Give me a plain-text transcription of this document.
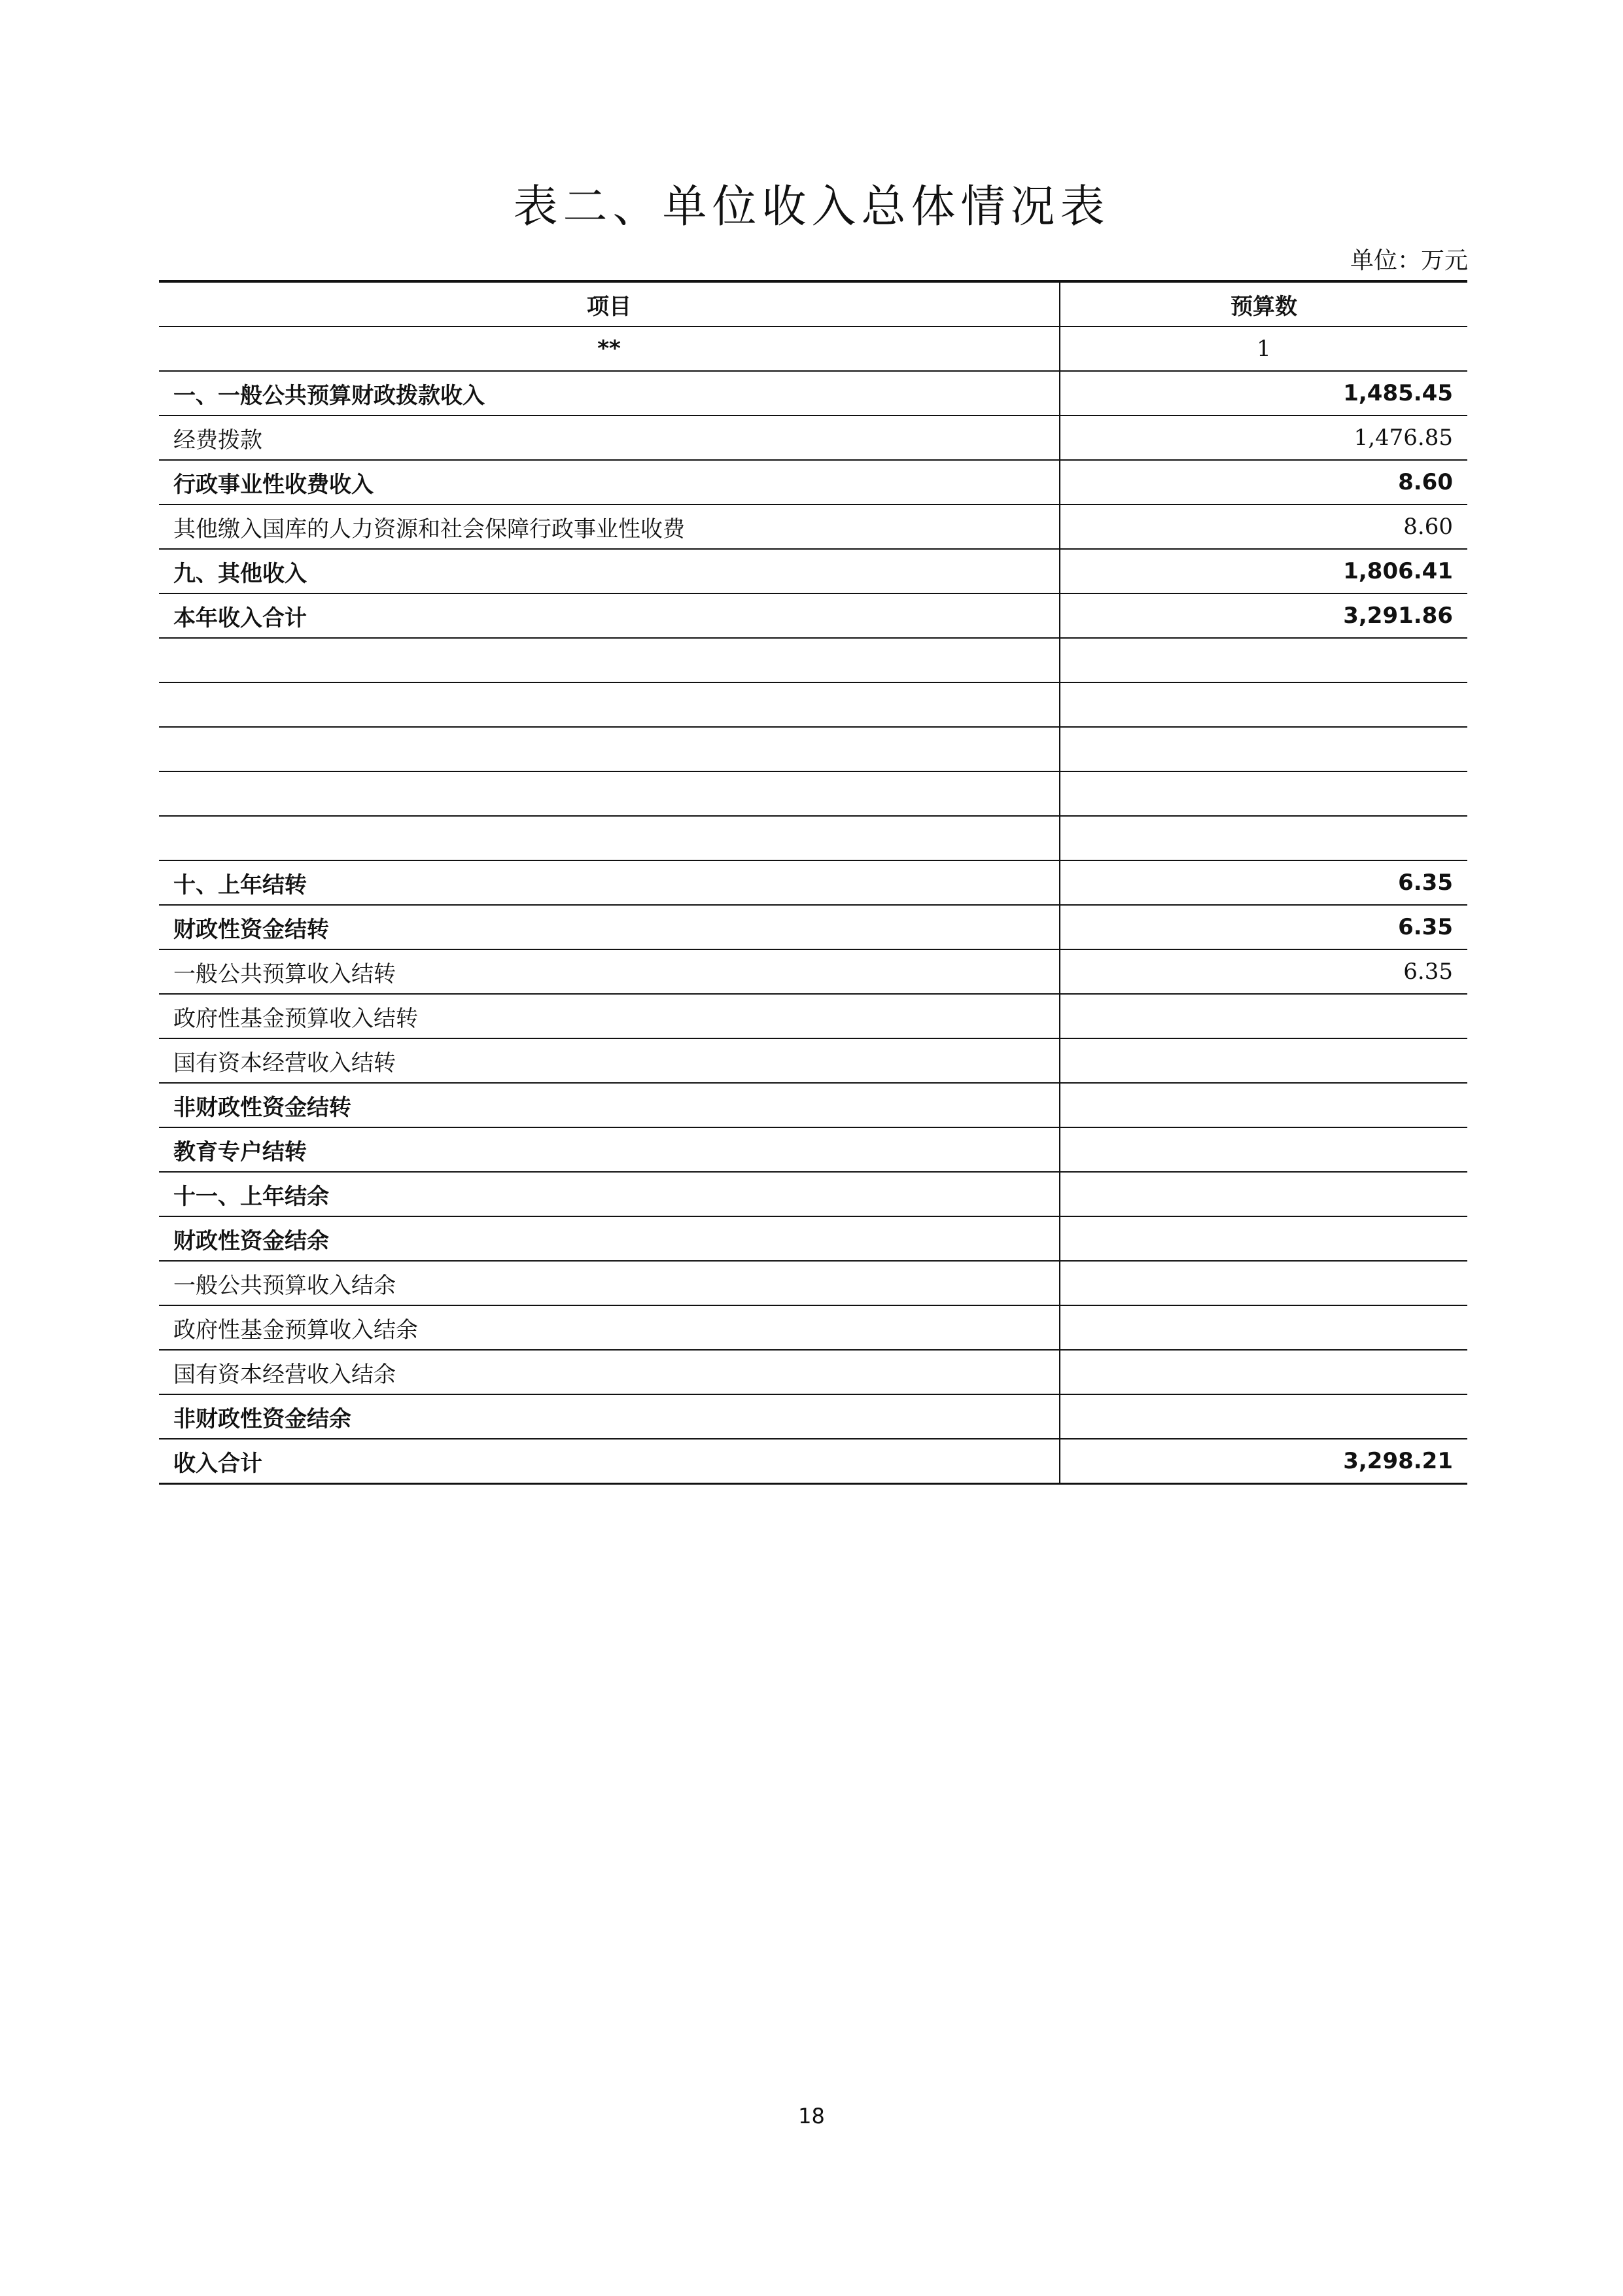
表二、单位收入总体情况表
单位：万元
项目	预算数
**	1
一、一般公共预算财政拨款收入	1,485.45
经费拨款	1,476.85
行政事业性收费收入	8.60
其他缴入国库的人力资源和社会保障行政事业性收费	8.60
九、其他收入	1,806.41
本年收入合计	3,291.86

十、上年结转	6.35
财政性资金结转	6.35
一般公共预算收入结转	6.35
政府性基金预算收入结转	
国有资本经营收入结转	
非财政性资金结转	
教育专户结转	
十一、上年结余	
财政性资金结余	
一般公共预算收入结余	
政府性基金预算收入结余	
国有资本经营收入结余	
非财政性资金结余	
收入合计	3,298.21
18
